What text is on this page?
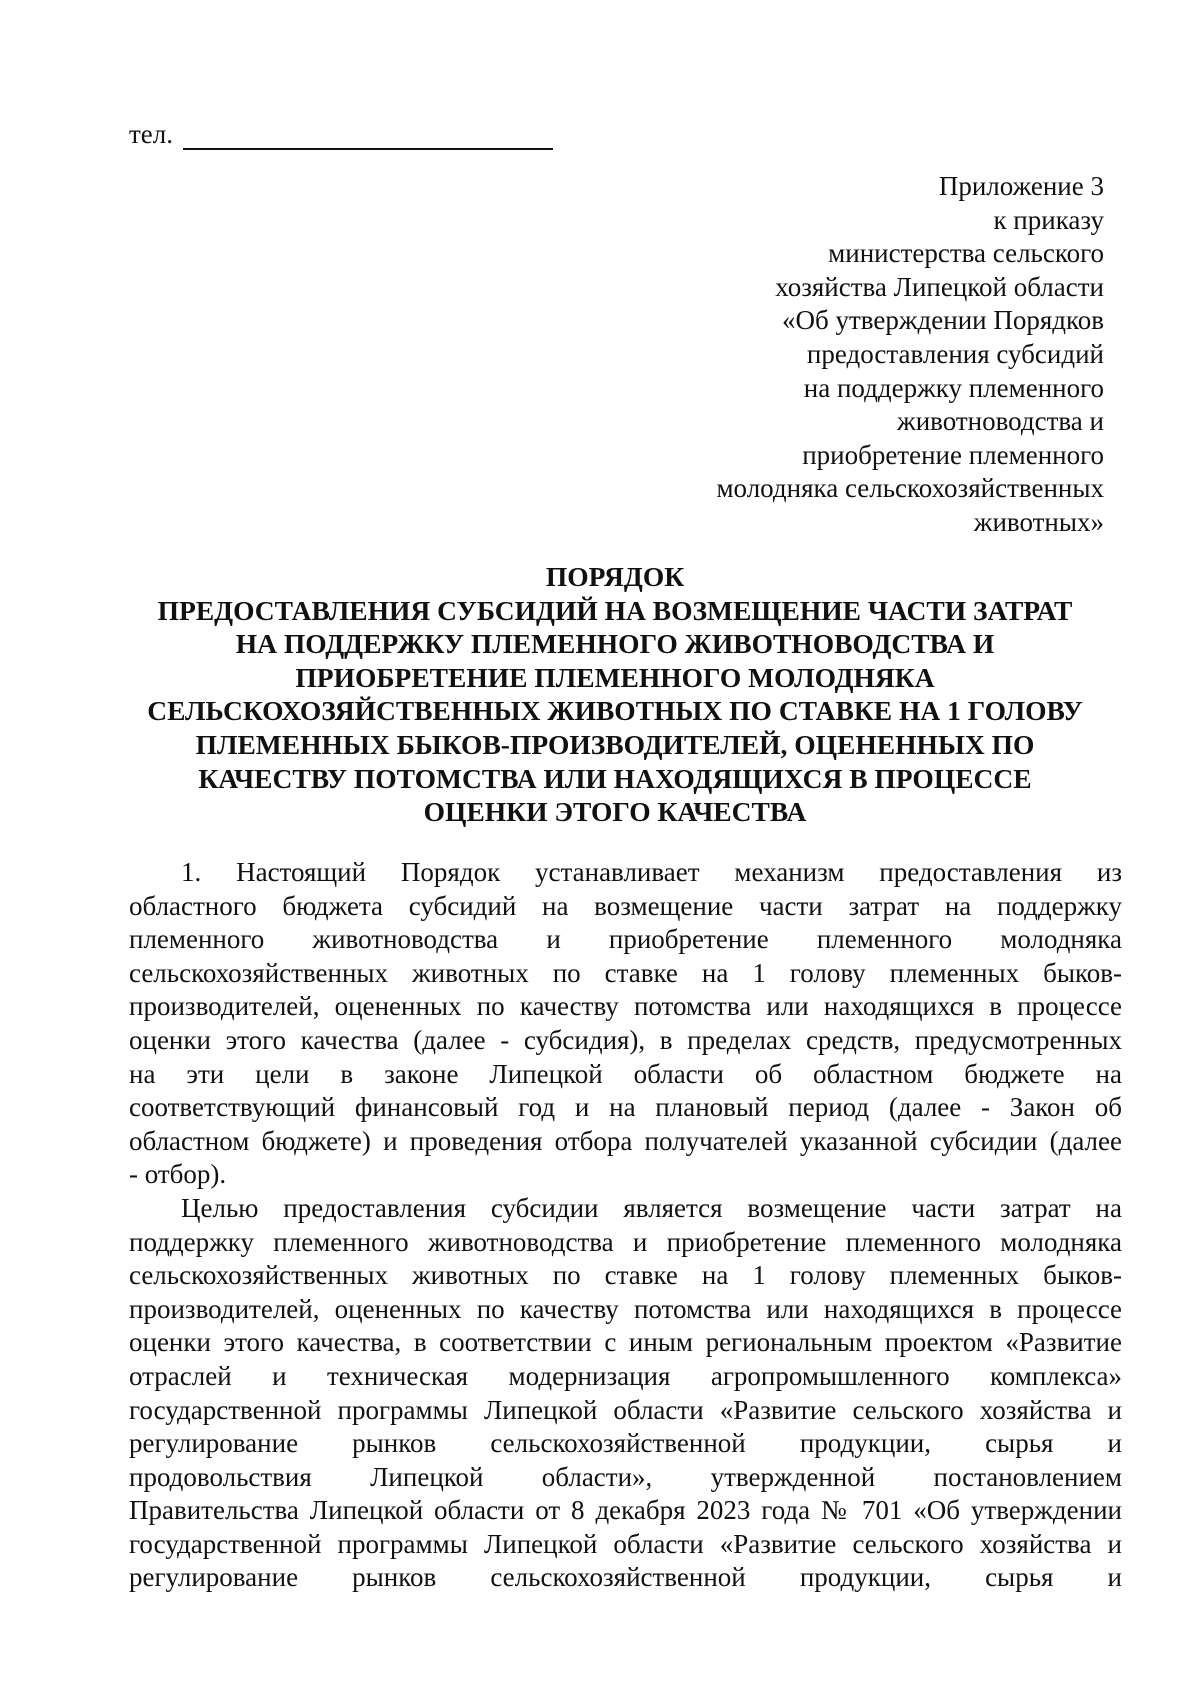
тел.
Приложение 3
к приказу
министерства сельского
хозяйства Липецкой области
«Об утверждении Порядков
предоставления субсидий
на поддержку племенного
животноводства и
приобретение племенного
молодняка сельскохозяйственных
животных»
ПОРЯДОК
ПРЕДОСТАВЛЕНИЯ СУБСИДИЙ НА ВОЗМЕЩЕНИЕ ЧАСТИ ЗАТРАТ
НА ПОДДЕРЖКУ ПЛЕМЕННОГО ЖИВОТНОВОДСТВА И
ПРИОБРЕТЕНИЕ ПЛЕМЕННОГО МОЛОДНЯКА
СЕЛЬСКОХОЗЯЙСТВЕННЫХ ЖИВОТНЫХ ПО СТАВКЕ НА 1 ГОЛОВУ
ПЛЕМЕННЫХ БЫКОВ-ПРОИЗВОДИТЕЛЕЙ, ОЦЕНЕННЫХ ПО
КАЧЕСТВУ ПОТОМСТВА ИЛИ НАХОДЯЩИХСЯ В ПРОЦЕССЕ
ОЦЕНКИ ЭТОГО КАЧЕСТВА
1. Настоящий Порядок устанавливает механизм предоставления из
областного бюджета субсидий на возмещение части затрат на поддержку
племенного животноводства и приобретение племенного молодняка
сельскохозяйственных животных по ставке на 1 голову племенных быков-
производителей, оцененных по качеству потомства или находящихся в процессе
оценки этого качества (далее - субсидия), в пределах средств, предусмотренных
на эти цели в законе Липецкой области об областном бюджете на
соответствующий финансовый год и на плановый период (далее - Закон об
областном бюджете) и проведения отбора получателей указанной субсидии (далее
- отбор).
Целью предоставления субсидии является возмещение части затрат на
поддержку племенного животноводства и приобретение племенного молодняка
сельскохозяйственных животных по ставке на 1 голову племенных быков-
производителей, оцененных по качеству потомства или находящихся в процессе
оценки этого качества, в соответствии с иным региональным проектом «Развитие
отраслей и техническая модернизация агропромышленного комплекса»
государственной программы Липецкой области «Развитие сельского хозяйства и
регулирование рынков сельскохозяйственной продукции, сырья и
продовольствия Липецкой области», утвержденной постановлением
Правительства Липецкой области от 8 декабря 2023 года № 701 «Об утверждении
государственной программы Липецкой области «Развитие сельского хозяйства и
регулирование рынков сельскохозяйственной продукции, сырья и
